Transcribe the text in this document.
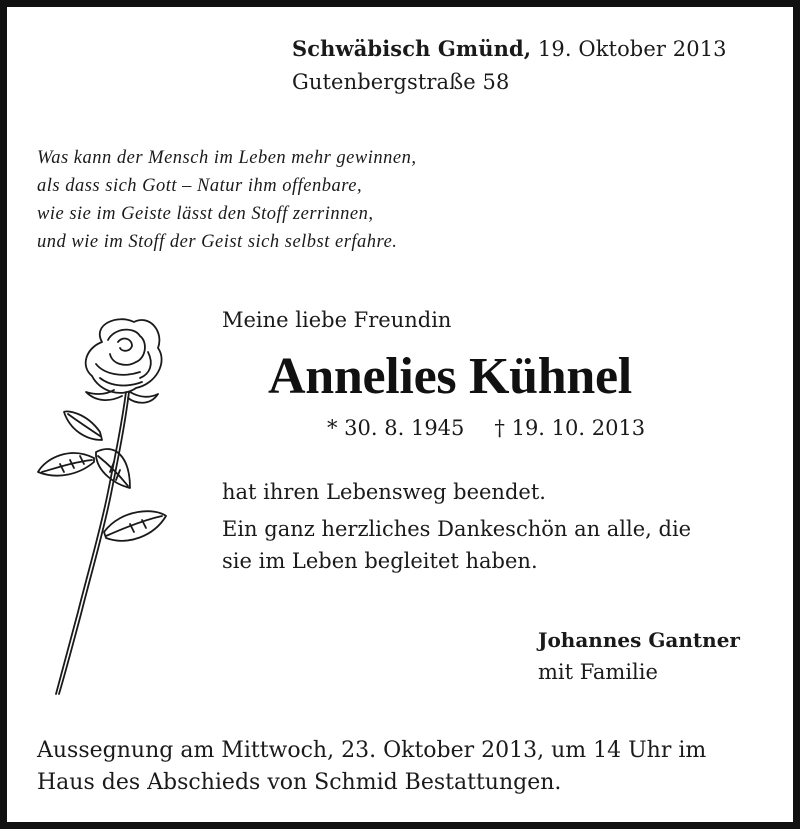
Schwäbisch Gmünd, 19. Oktober 2013

Gutenbergstraße 58

Was kann der Mensch im Leben mehr gewinnen,

als dass sich Gott – Natur ihm offenbare,

wie sie im Geiste lässt den Stoff zerrinnen,

und wie im Stoff der Geist sich selbst erfahre.

Meine liebe Freundin

Annelies Kühnel

* 30. 8. 1945 † 19. 10. 2013

hat ihren Lebensweg beendet.

Ein ganz herzliches Dankeschön an alle, die

sie im Leben begleitet haben.

Johannes Gantner

mit Familie

Aussegnung am Mittwoch, 23. Oktober 2013, um 14 Uhr im

Haus des Abschieds von Schmid Bestattungen.
